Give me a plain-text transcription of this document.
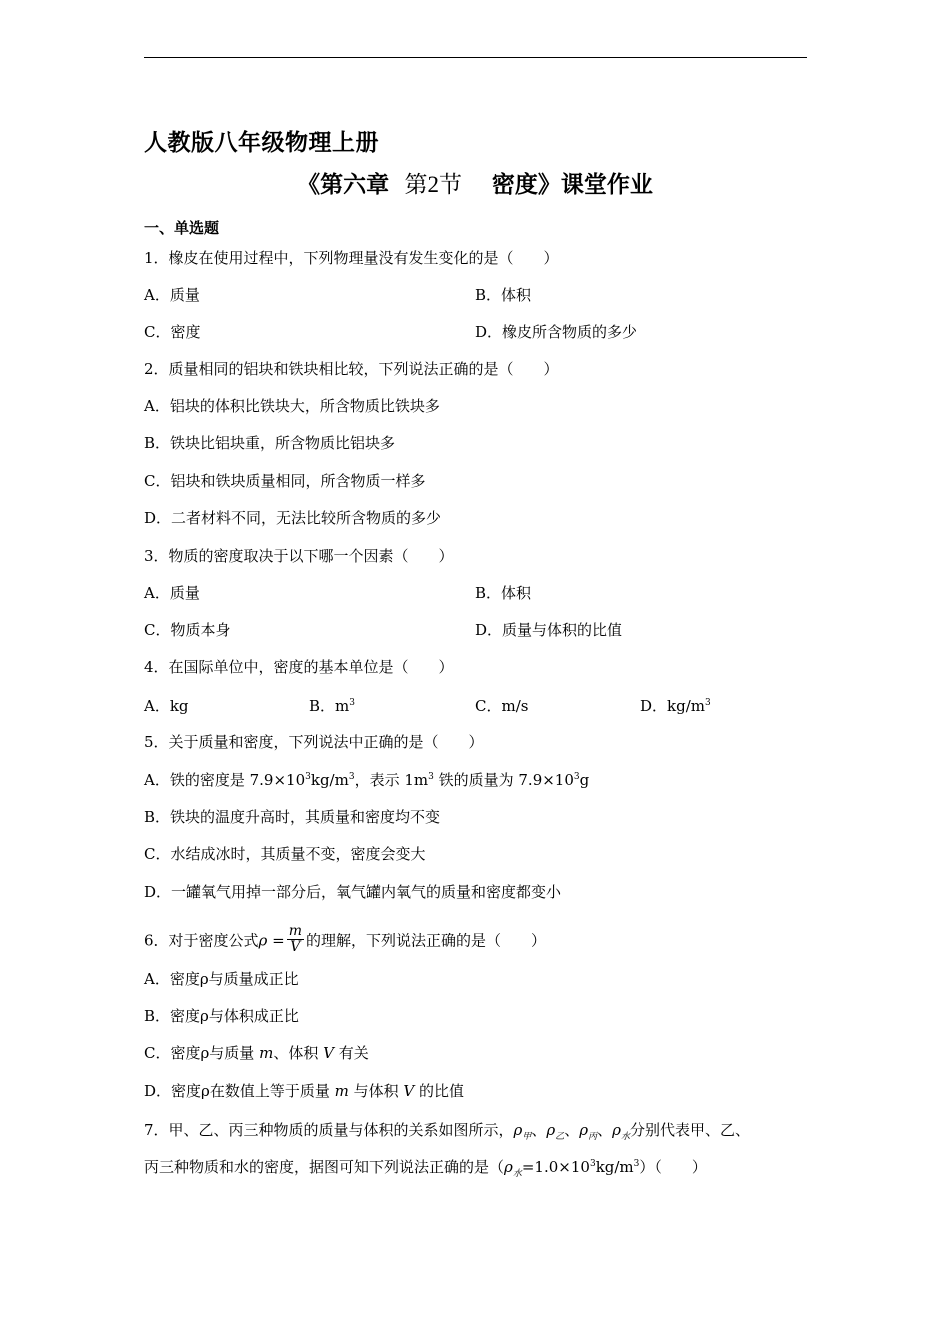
人教版八年级物理上册
《第六章 第2节 密度》课堂作业
一、单选题
1．橡皮在使用过程中，下列物理量没有发生变化的是（　　）
A．质量	B．体积
C．密度	D．橡皮所含物质的多少
2．质量相同的铝块和铁块相比较，下列说法正确的是（　　）
A．铝块的体积比铁块大，所含物质比铁块多
B．铁块比铝块重，所含物质比铝块多
C．铝块和铁块质量相同，所含物质一样多
D．二者材料不同，无法比较所含物质的多少
3．物质的密度取决于以下哪一个因素（　　）
A．质量	B．体积
C．物质本身	D．质量与体积的比值
4．在国际单位中，密度的基本单位是（　　）
A．kg	B．$m^3$	C．m/s	D．$kg/m^3$
5．关于质量和密度，下列说法中正确的是（　　）
A．铁的密度是 $7.9\times 10^3kg/m^3$，表示 $1m^3$ 铁的质量为 $7.9\times 10^3g$
B．铁块的温度升高时，其质量和密度均不变
C．水结成冰时，其质量不变，密度会变大
D．一罐氧气用掉一部分后，氧气罐内氧气的质量和密度都变小
6．对于密度公式$\rho = \frac{m}{V}$ 的理解，下列说法正确的是（　　）
A．密度ρ与质量成正比
B．密度ρ与体积成正比
C．密度ρ与质量 m、体积 V 有关
D．密度ρ在数值上等于质量 m 与体积 V 的比值
7．甲、乙、丙三种物质的质量与体积的关系如图所示，$\rho_甲$、$\rho_乙$、$\rho_丙$、$\rho_水$分别代表甲、乙、
丙三种物质和水的密度，据图可知下列说法正确的是$(\rho_水=1.0\times 10^3kg/m^3)$（　　）
